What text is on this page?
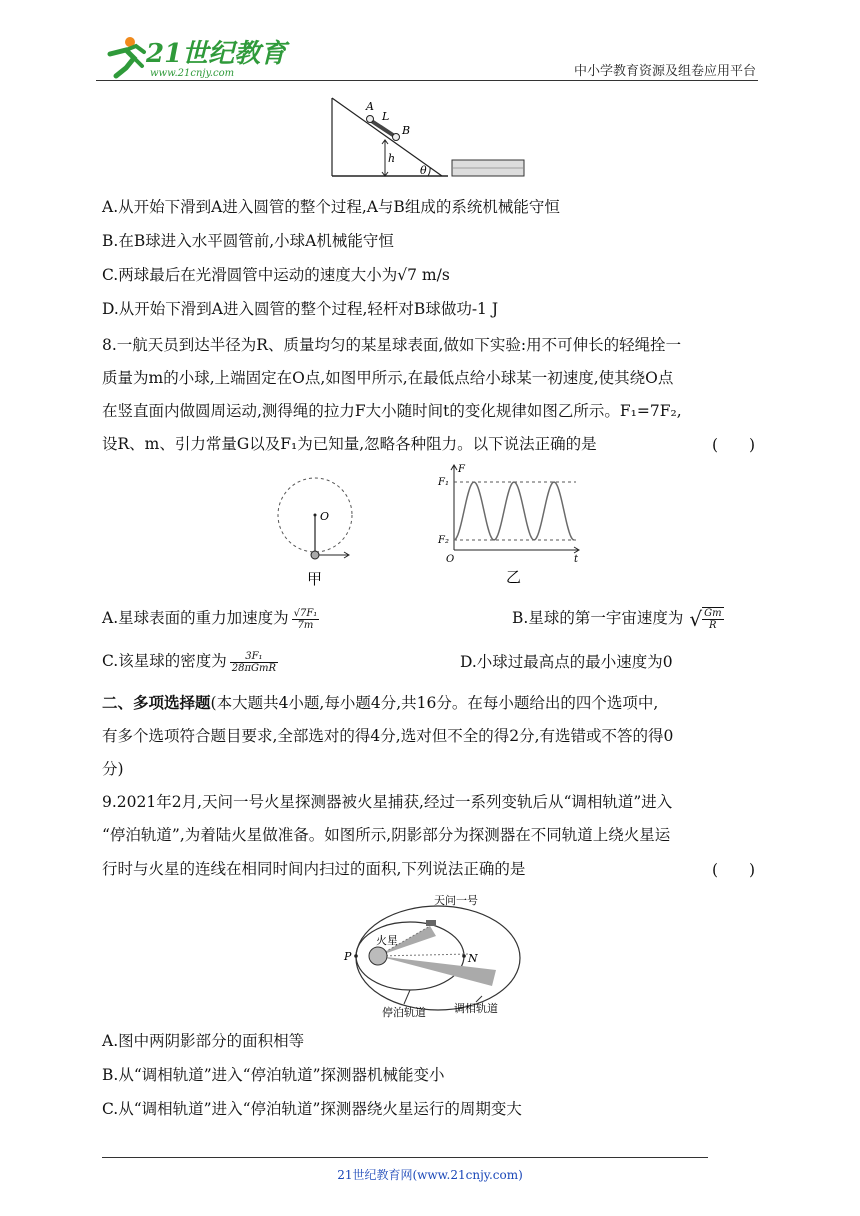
21世纪教育
www.21cnjy.com	中小学教育资源及组卷应用平台
A
L
B
h
θ
A.从开始下滑到A进入圆管的整个过程,A与B组成的系统机械能守恒
B.在B球进入水平圆管前,小球A机械能守恒
C.两球最后在光滑圆管中运动的速度大小为√7 m/s
D.从开始下滑到A进入圆管的整个过程,轻杆对B球做功-1 J
8.一航天员到达半径为R、质量均匀的某星球表面,做如下实验:用不可伸长的轻绳拴一
质量为m的小球,上端固定在O点,如图甲所示,在最低点给小球某一初速度,使其绕O点
在竖直面内做圆周运动,测得绳的拉力F大小随时间t的变化规律如图乙所示。F₁=7F₂,
设R、m、引力常量G以及F₁为已知量,忽略各种阻力。以下说法正确的是	(　　)
O
甲
F
F₁
F₂
O	t
乙
A.星球表面的重力加速度为 $\frac{\text{√7F₁}}{7m}$	B.星球的第一宇宙速度为 √ $\frac{Gm}{R}$
C.该星球的密度为 $\frac{\text{3F₁}}{\text{28πGmR}}$	D.小球过最高点的最小速度为0
二、多项选择题(本大题共4小题,每小题4分,共16分。在每小题给出的四个选项中,
有多个选项符合题目要求,全部选对的得4分,选对但不全的得2分,有选错或不答的得0
分)
9.2021年2月,天问一号火星探测器被火星捕获,经过一系列变轨后从“调相轨道”进入
“停泊轨道”,为着陆火星做准备。如图所示,阴影部分为探测器在不同轨道上绕火星运
行时与火星的连线在相同时间内扫过的面积,下列说法正确的是	(　　)
天问一号
火星
P	N
停泊轨道	调相轨道
A.图中两阴影部分的面积相等
B.从“调相轨道”进入“停泊轨道”探测器机械能变小
C.从“调相轨道”进入“停泊轨道”探测器绕火星运行的周期变大
21世纪教育网(www.21cnjy.com)
